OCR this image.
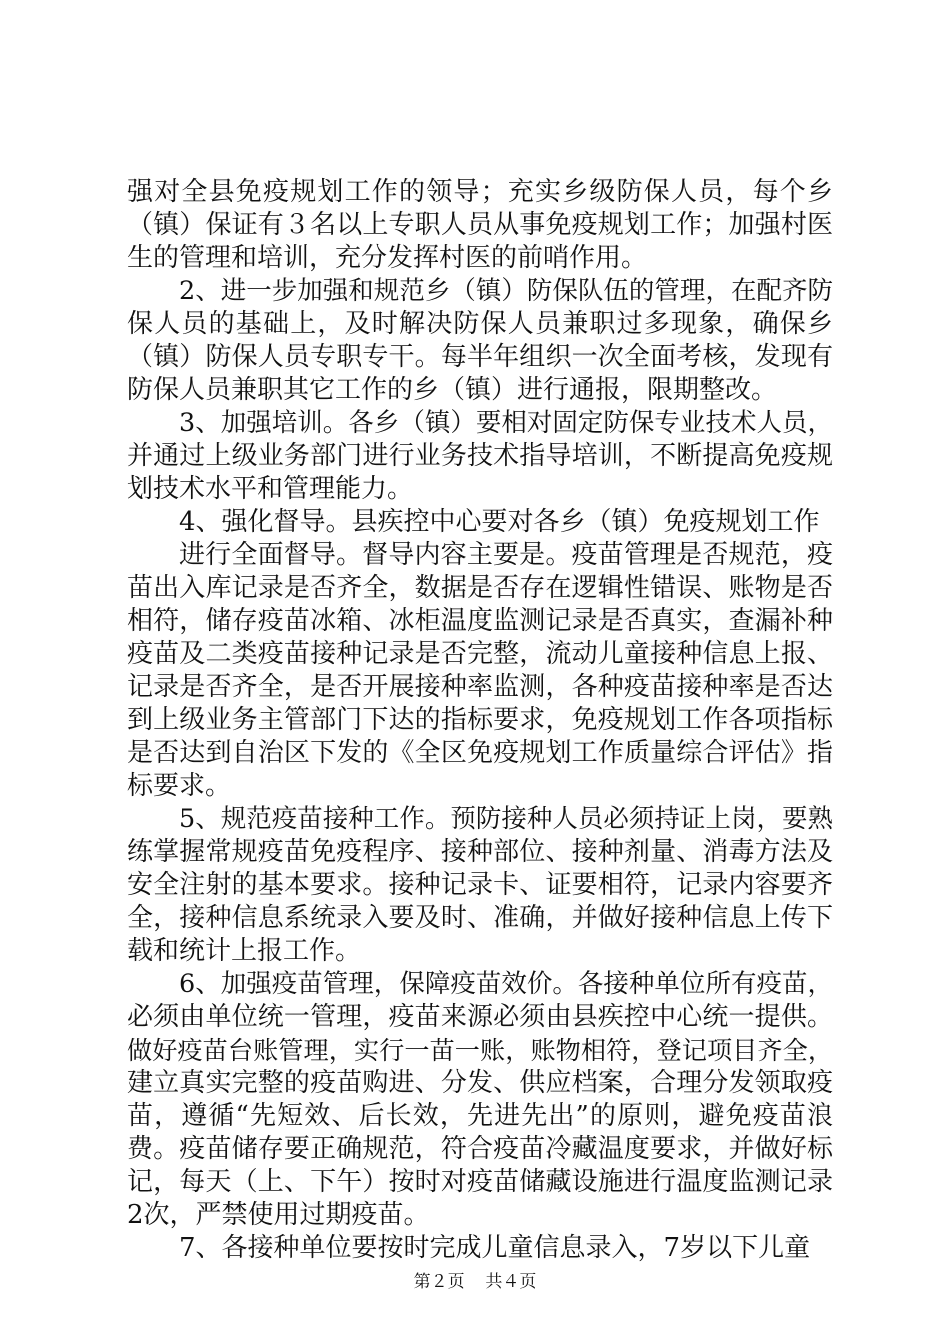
强对全县免疫规划工作的领导；充实乡级防保人员，每个乡
（镇）保证有３名以上专职人员从事免疫规划工作；加强村医
生的管理和培训，充分发挥村医的前哨作用。
2、进一步加强和规范乡（镇）防保队伍的管理，在配齐防
保人员的基础上，及时解决防保人员兼职过多现象，确保乡
（镇）防保人员专职专干。每半年组织一次全面考核，发现有
防保人员兼职其它工作的乡（镇）进行通报，限期整改。
3、加强培训。各乡（镇）要相对固定防保专业技术人员，
并通过上级业务部门进行业务技术指导培训，不断提高免疫规
划技术水平和管理能力。
4、强化督导。县疾控中心要对各乡（镇）免疫规划工作
进行全面督导。督导内容主要是。疫苗管理是否规范，疫
苗出入库记录是否齐全，数据是否存在逻辑性错误、账物是否
相符，储存疫苗冰箱、冰柜温度监测记录是否真实，查漏补种
疫苗及二类疫苗接种记录是否完整，流动儿童接种信息上报、
记录是否齐全，是否开展接种率监测，各种疫苗接种率是否达
到上级业务主管部门下达的指标要求，免疫规划工作各项指标
是否达到自治区下发的《全区免疫规划工作质量综合评估》指
标要求。
5、规范疫苗接种工作。预防接种人员必须持证上岗，要熟
练掌握常规疫苗免疫程序、接种部位、接种剂量、消毒方法及
安全注射的基本要求。接种记录卡、证要相符，记录内容要齐
全，接种信息系统录入要及时、准确，并做好接种信息上传下
载和统计上报工作。
6、加强疫苗管理，保障疫苗效价。各接种单位所有疫苗，
必须由单位统一管理，疫苗来源必须由县疾控中心统一提供。
做好疫苗台账管理，实行一苗一账，账物相符，登记项目齐全，
建立真实完整的疫苗购进、分发、供应档案，合理分发领取疫
苗，遵循“先短效、后长效，先进先出”的原则，避免疫苗浪
费。疫苗储存要正确规范，符合疫苗冷藏温度要求，并做好标
记，每天（上、下午）按时对疫苗储藏设施进行温度监测记录
2次，严禁使用过期疫苗。
7、各接种单位要按时完成儿童信息录入，7岁以下儿童
第２页 共４页
